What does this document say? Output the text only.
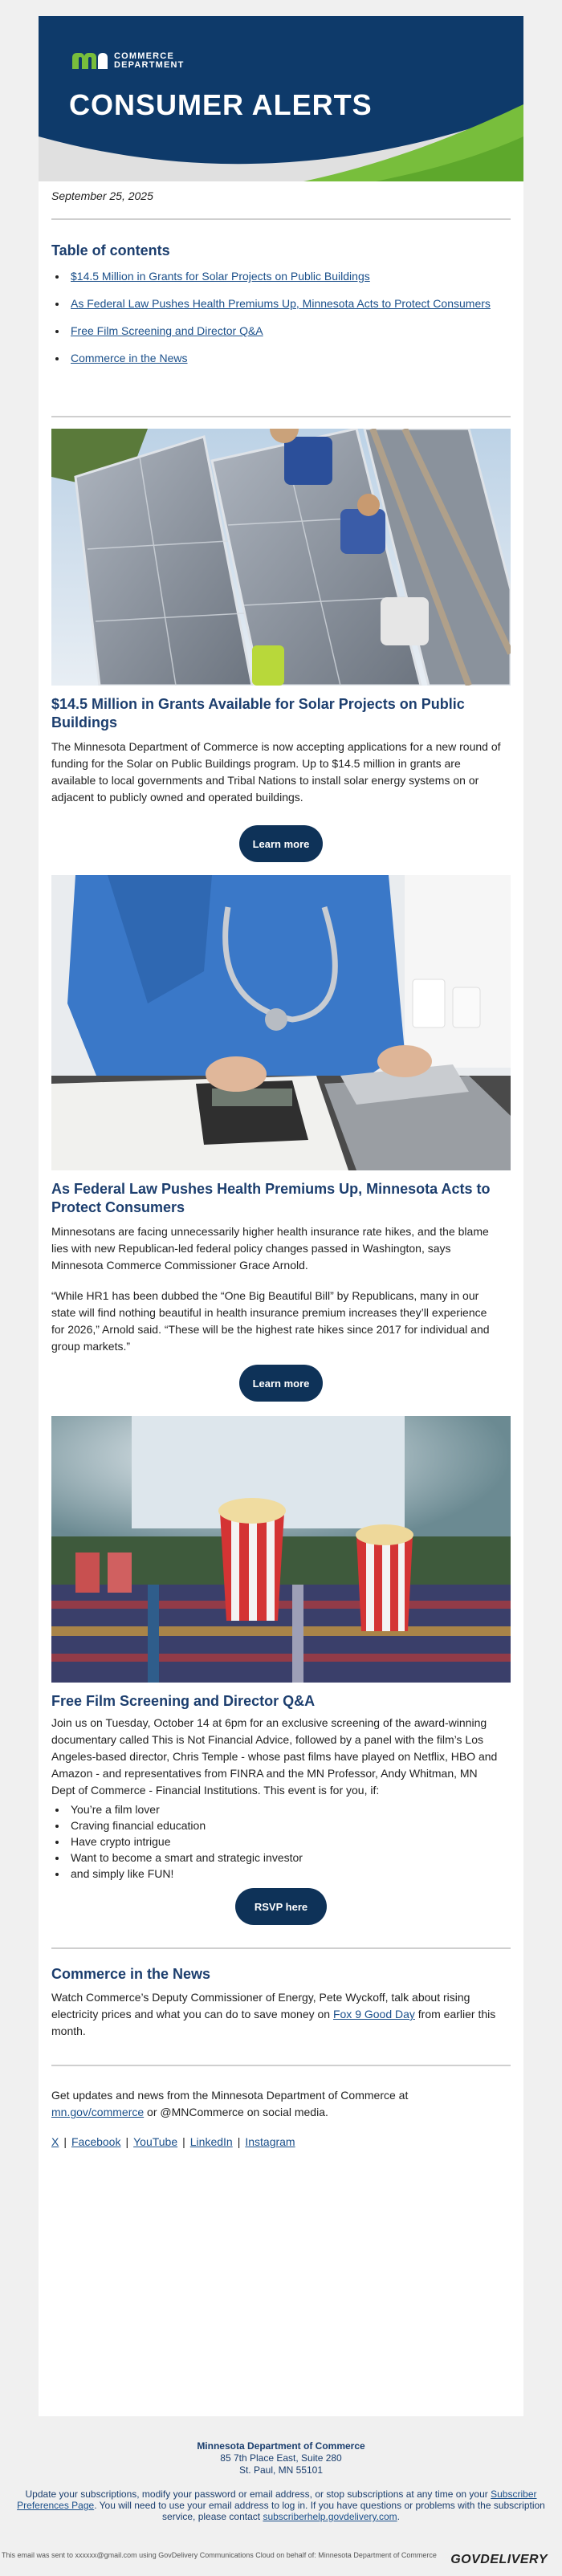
COMMERCE
DEPARTMENT
CONSUMER ALERTS
September 25, 2025
Table of contents
• $14.5 Million in Grants for Solar Projects on Public Buildings
• As Federal Law Pushes Health Premiums Up, Minnesota Acts to Protect Consumers
• Free Film Screening and Director Q&A
• Commerce in the News
$14.5 Million in Grants Available for Solar Projects on Public Buildings
The Minnesota Department of Commerce is now accepting applications for a new round of funding for the Solar on Public Buildings program. Up to $14.5 million in grants are available to local governments and Tribal Nations to install solar energy systems on or adjacent to publicly owned and operated buildings.
Learn more
As Federal Law Pushes Health Premiums Up, Minnesota Acts to Protect Consumers
Minnesotans are facing unnecessarily higher health insurance rate hikes, and the blame lies with new Republican-led federal policy changes passed in Washington, says Minnesota Commerce Commissioner Grace Arnold.
“While HR1 has been dubbed the “One Big Beautiful Bill” by Republicans, many in our state will find nothing beautiful in health insurance premium increases they’ll experience for 2026,” Arnold said. “These will be the highest rate hikes since 2017 for individual and group markets.”
Learn more
Free Film Screening and Director Q&A
Join us on Tuesday, October 14 at 6pm for an exclusive screening of the award-winning documentary called This is Not Financial Advice, followed by a panel with the film’s Los Angeles-based director, Chris Temple - whose past films have played on Netflix, HBO and Amazon - and representatives from FINRA and the MN Professor, Andy Whitman, MN Dept of Commerce - Financial Institutions. This event is for you, if:
• You’re a film lover
• Craving financial education
• Have crypto intrigue
• Want to become a smart and strategic investor
• and simply like FUN!
RSVP here
Commerce in the News
Watch Commerce’s Deputy Commissioner of Energy, Pete Wyckoff, talk about rising electricity prices and what you can do to save money on Fox 9 Good Day from earlier this month.
Get updates and news from the Minnesota Department of Commerce at mn.gov/commerce or @MNCommerce on social media.
X | Facebook | YouTube | LinkedIn | Instagram
Minnesota Department of Commerce
85 7th Place East, Suite 280
St. Paul, MN 55101
Update your subscriptions, modify your password or email address, or stop subscriptions at any time on your Subscriber Preferences Page. You will need to use your email address to log in. If you have questions or problems with the subscription service, please contact subscriberhelp.govdelivery.com.
This email was sent to xxxxxx@gmail.com using GovDelivery Communications Cloud on behalf of: Minnesota Department of Commerce	GOVDELIVERY
